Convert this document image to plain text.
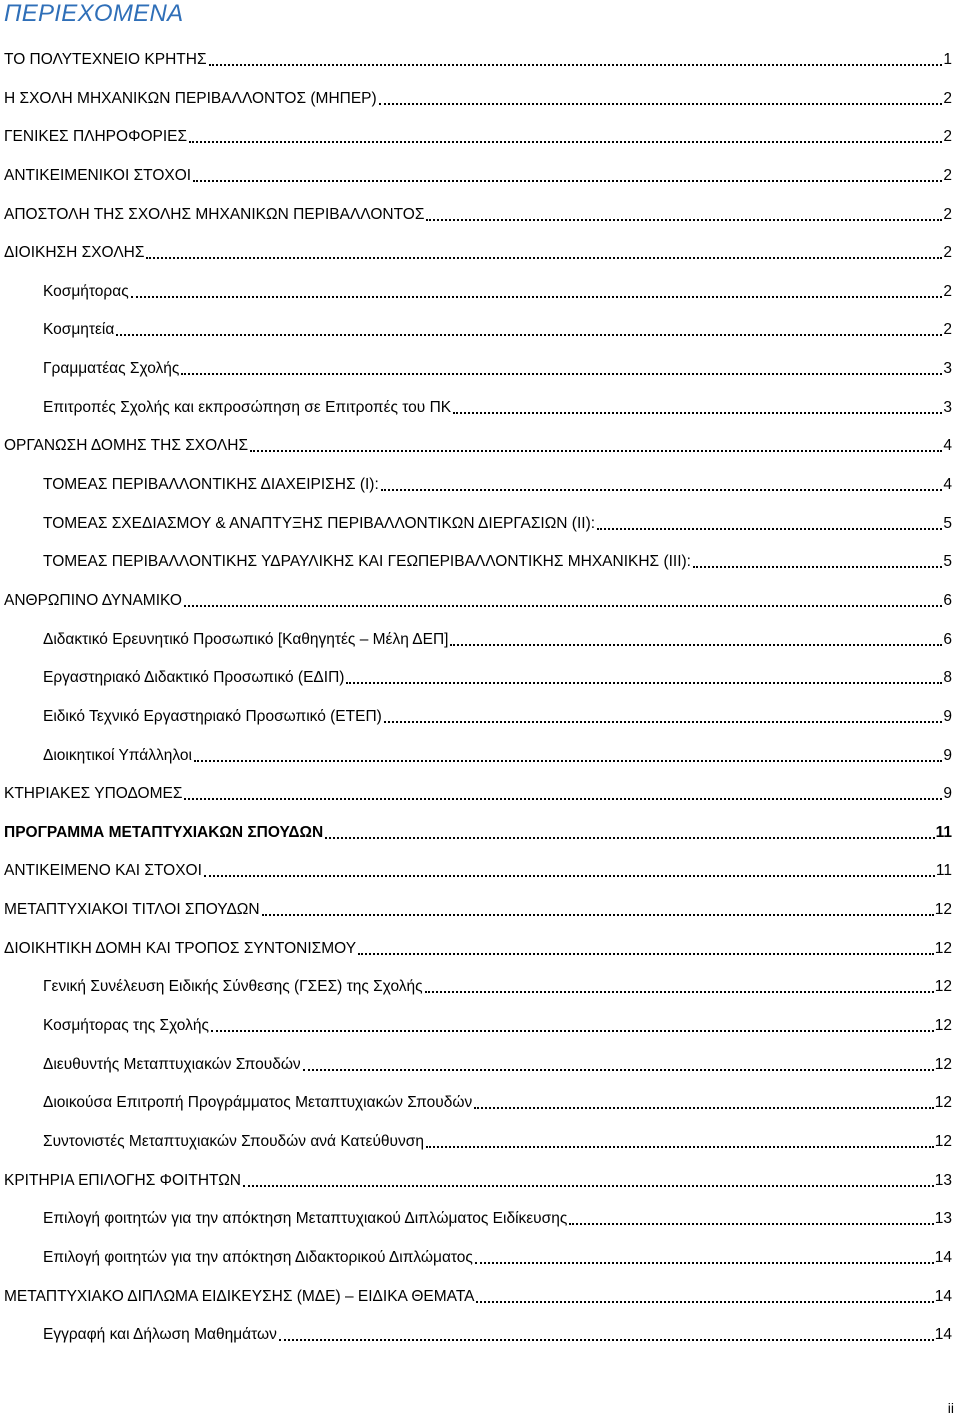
ΠΕΡΙΕΧΟΜΕΝΑ
ΤΟ ΠΟΛΥΤΕΧΝΕΙΟ ΚΡΗΤΗΣ	1
Η ΣΧΟΛΗ ΜΗΧΑΝΙΚΩΝ ΠΕΡΙΒΑΛΛΟΝΤΟΣ (ΜΗΠΕΡ)	2
ΓΕΝΙΚΕΣ ΠΛΗΡΟΦΟΡΙΕΣ	2
ΑΝΤΙΚΕΙΜΕΝΙΚΟΙ ΣΤΟΧΟΙ	2
ΑΠΟΣΤΟΛΗ ΤΗΣ ΣΧΟΛΗΣ ΜΗΧΑΝΙΚΩΝ ΠΕΡΙΒΑΛΛΟΝΤΟΣ	2
ΔΙΟΙΚΗΣΗ ΣΧΟΛΗΣ	2
Κοσμήτορας	2
Κοσμητεία	2
Γραμματέας Σχολής	3
Επιτροπές Σχολής και εκπροσώπηση σε Επιτροπές του ΠΚ	3
ΟΡΓΑΝΩΣΗ ΔΟΜΗΣ ΤΗΣ ΣΧΟΛΗΣ	4
ΤΟΜΕΑΣ ΠΕΡΙΒΑΛΛΟΝΤΙΚΗΣ ΔΙΑΧΕΙΡΙΣΗΣ (Ι):	4
ΤΟΜΕΑΣ ΣΧΕΔΙΑΣΜΟΥ & ΑΝΑΠΤΥΞΗΣ ΠΕΡΙΒΑΛΛΟΝΤΙΚΩΝ ΔΙΕΡΓΑΣΙΩΝ (ΙΙ):	5
ΤΟΜΕΑΣ ΠΕΡΙΒΑΛΛΟΝΤΙΚΗΣ ΥΔΡΑΥΛΙΚΗΣ ΚΑΙ ΓΕΩΠΕΡΙΒΑΛΛΟΝΤΙΚΗΣ ΜΗΧΑΝΙΚΗΣ (ΙΙΙ):	5
ΑΝΘΡΩΠΙΝΟ ΔΥΝΑΜΙΚΟ	6
Διδακτικό Ερευνητικό Προσωπικό [Καθηγητές – Μέλη ΔΕΠ]	6
Εργαστηριακό Διδακτικό Προσωπικό (ΕΔΙΠ)	8
Ειδικό Τεχνικό Εργαστηριακό Προσωπικό (ΕΤΕΠ)	9
Διοικητικοί Υπάλληλοι	9
ΚΤΗΡΙΑΚΕΣ ΥΠΟΔΟΜΕΣ	9
ΠΡΟΓΡΑΜΜΑ ΜΕΤΑΠΤΥΧΙΑΚΩΝ ΣΠΟΥΔΩΝ	11
ΑΝΤΙΚΕΙΜΕΝΟ ΚΑΙ ΣΤΟΧΟΙ	11
ΜΕΤΑΠΤΥΧΙΑΚΟΙ ΤΙΤΛΟΙ ΣΠΟΥΔΩΝ	12
ΔΙΟΙΚΗΤΙΚΗ ΔΟΜΗ ΚΑΙ ΤΡΟΠΟΣ ΣΥΝΤΟΝΙΣΜΟΥ	12
Γενική Συνέλευση Ειδικής Σύνθεσης (ΓΣΕΣ) της Σχολής	12
Κοσμήτορας της Σχολής	12
Διευθυντής Μεταπτυχιακών Σπουδών	12
Διοικούσα Επιτροπή Προγράμματος Μεταπτυχιακών Σπουδών	12
Συντονιστές Μεταπτυχιακών Σπουδών ανά Κατεύθυνση	12
ΚΡΙΤΗΡΙΑ ΕΠΙΛΟΓΗΣ ΦΟΙΤΗΤΩΝ	13
Επιλογή φοιτητών για την απόκτηση Μεταπτυχιακού Διπλώματος Ειδίκευσης	13
Επιλογή φοιτητών για την απόκτηση Διδακτορικού Διπλώματος	14
ΜΕΤΑΠΤΥΧΙΑΚΟ ΔΙΠΛΩΜΑ ΕΙΔΙΚΕΥΣΗΣ (ΜΔΕ) – ΕΙΔΙΚΑ ΘΕΜΑΤΑ	14
Εγγραφή και Δήλωση Μαθημάτων	14
ii
